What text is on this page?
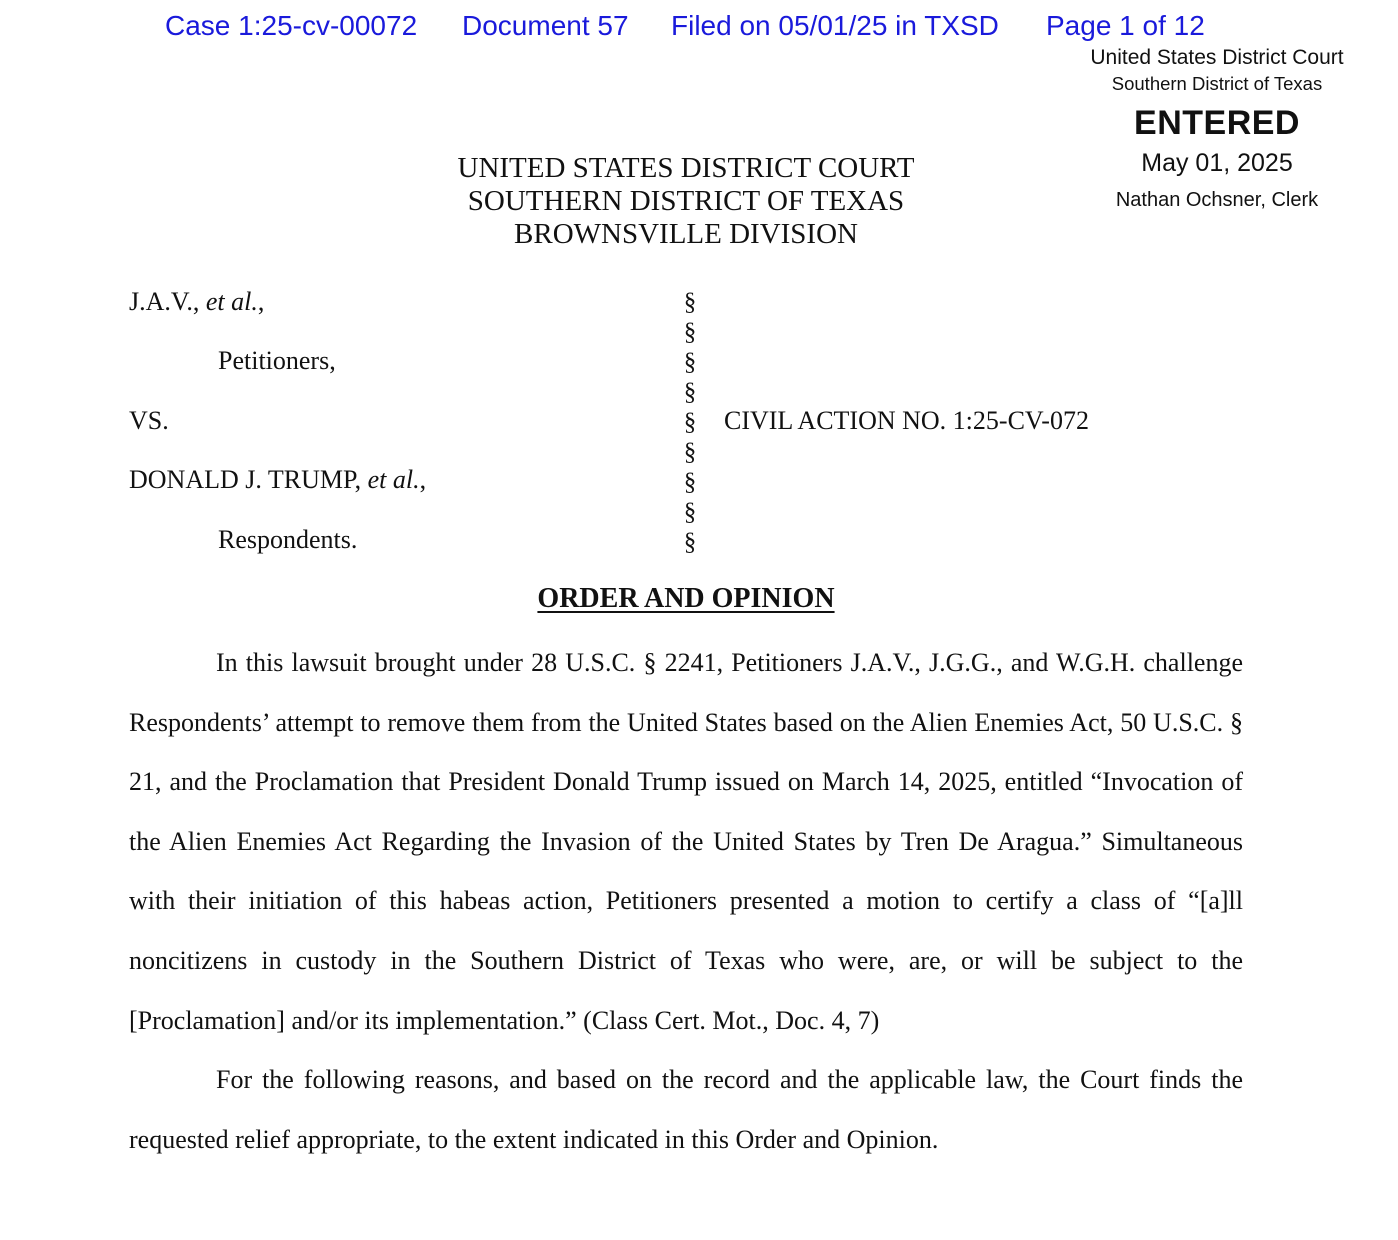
Case 1:25-cv-00072 Document 57 Filed on 05/01/25 in TXSD Page 1 of 12
United States District Court
Southern District of Texas
ENTERED
May 01, 2025
Nathan Ochsner, Clerk
UNITED STATES DISTRICT COURT
SOUTHERN DISTRICT OF TEXAS
BROWNSVILLE DIVISION
J.A.V., et al.,
Petitioners,
VS.
DONALD J. TRUMP, et al.,
Respondents.
§
§
§
§
§
§
§
§
§
CIVIL ACTION NO. 1:25-CV-072
ORDER AND OPINION

In this lawsuit brought under 28 U.S.C. § 2241, Petitioners J.A.V., J.G.G., and W.G.H. challenge Respondents’ attempt to remove them from the United States based on the Alien Enemies Act, 50 U.S.C. § 21, and the Proclamation that President Donald Trump issued on March 14, 2025, entitled “Invocation of the Alien Enemies Act Regarding the Invasion of the United States by Tren De Aragua.” Simultaneous with their initiation of this habeas action, Petitioners presented a motion to certify a class of “[a]ll noncitizens in custody in the Southern District of Texas who were, are, or will be subject to the [Proclamation] and/or its implementation.” (Class Cert. Mot., Doc. 4, 7)

For the following reasons, and based on the record and the applicable law, the Court finds the requested relief appropriate, to the extent indicated in this Order and Opinion.
